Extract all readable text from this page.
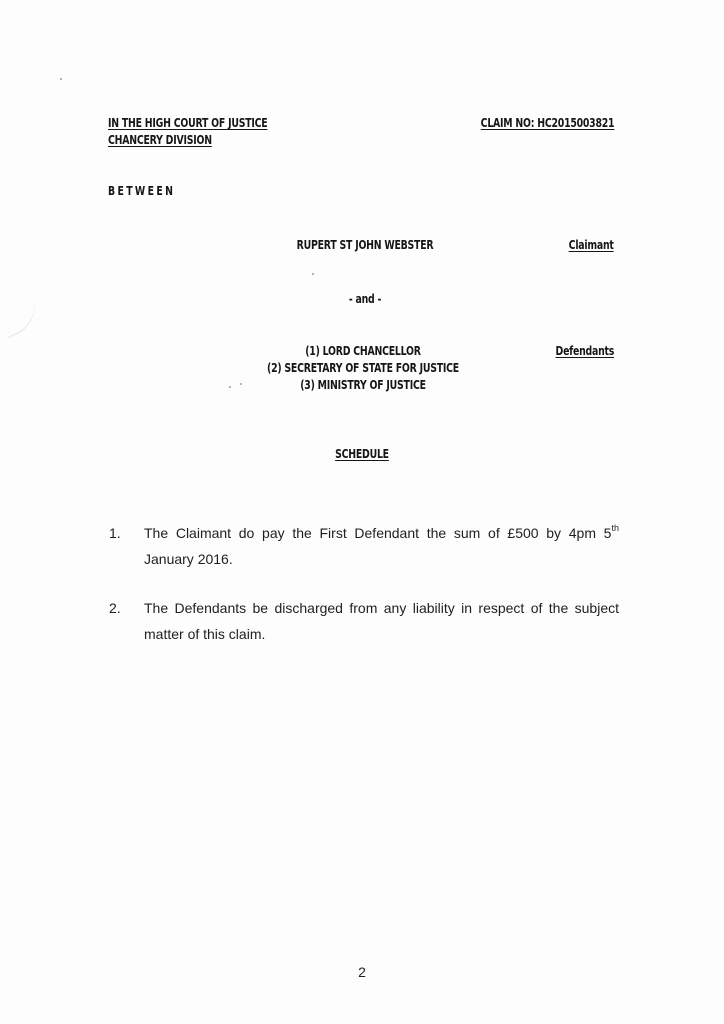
IN THE HIGH COURT OF JUSTICE
CHANCERY DIVISION
CLAIM NO: HC2015003821
BETWEEN
RUPERT ST JOHN WEBSTER	Claimant
- and -
(1) LORD CHANCELLOR
(2) SECRETARY OF STATE FOR JUSTICE
(3) MINISTRY OF JUSTICE
Defendants
SCHEDULE
1. The Claimant do pay the First Defendant the sum of £500 by 4pm 5th January 2016.
2. The Defendants be discharged from any liability in respect of the subject matter of this claim.
2
